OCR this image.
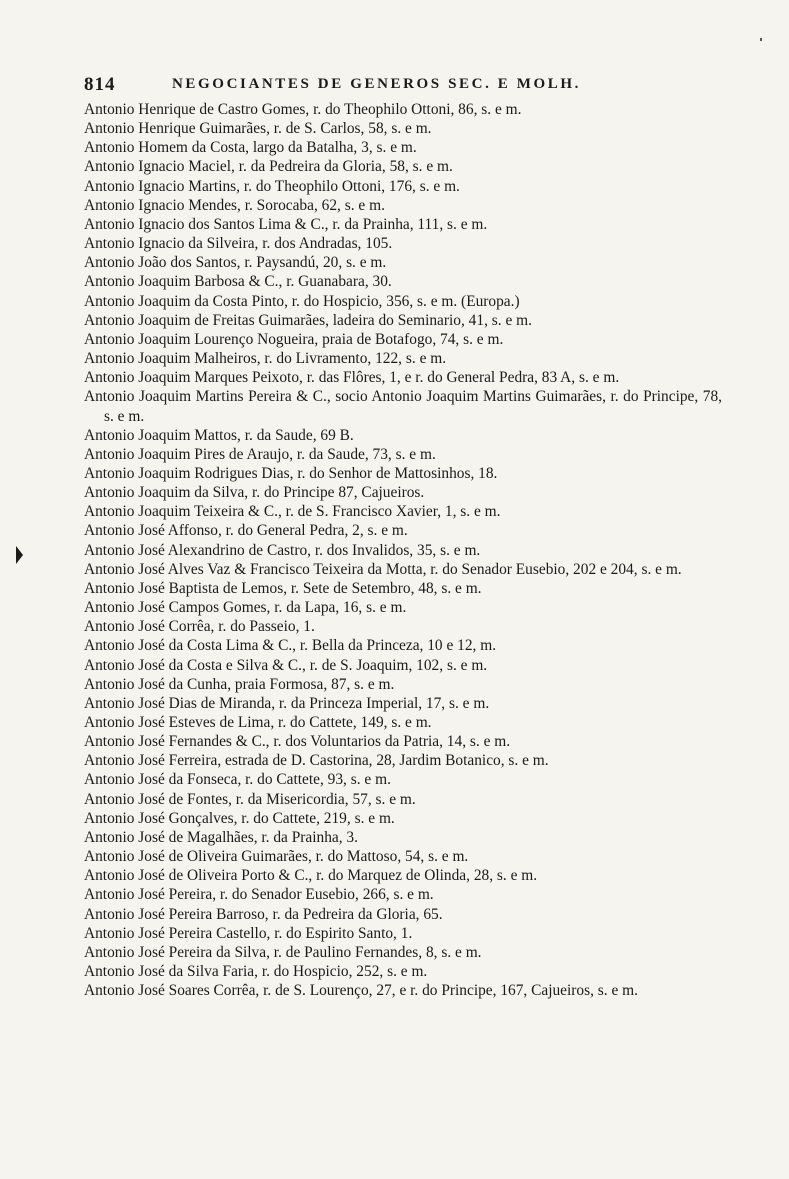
814	NEGOCIANTES DE GENEROS SEC. E MOLH.
Antonio Henrique de Castro Gomes, r. do Theophilo Ottoni, 86, s. e m.
Antonio Henrique Guimarães, r. de S. Carlos, 58, s. e m.
Antonio Homem da Costa, largo da Batalha, 3, s. e m.
Antonio Ignacio Maciel, r. da Pedreira da Gloria, 58, s. e m.
Antonio Ignacio Martins, r. do Theophilo Ottoni, 176, s. e m.
Antonio Ignacio Mendes, r. Sorocaba, 62, s. e m.
Antonio Ignacio dos Santos Lima & C., r. da Prainha, 111, s. e m.
Antonio Ignacio da Silveira, r. dos Andradas, 105.
Antonio João dos Santos, r. Paysandú, 20, s. e m.
Antonio Joaquim Barbosa & C., r. Guanabara, 30.
Antonio Joaquim da Costa Pinto, r. do Hospicio, 356, s. e m. (Europa.)
Antonio Joaquim de Freitas Guimarães, ladeira do Seminario, 41, s. e m.
Antonio Joaquim Lourenço Nogueira, praia de Botafogo, 74, s. e m.
Antonio Joaquim Malheiros, r. do Livramento, 122, s. e m.
Antonio Joaquim Marques Peixoto, r. das Flôres, 1, e r. do General Pedra, 83 A, s. e m.
Antonio Joaquim Martins Pereira & C., socio Antonio Joaquim Martins Guimarães, r. do Principe, 78, s. e m.
Antonio Joaquim Mattos, r. da Saude, 69 B.
Antonio Joaquim Pires de Araujo, r. da Saude, 73, s. e m.
Antonio Joaquim Rodrigues Dias, r. do Senhor de Mattosinhos, 18.
Antonio Joaquim da Silva, r. do Principe 87, Cajueiros.
Antonio Joaquim Teixeira & C., r. de S. Francisco Xavier, 1, s. e m.
Antonio José Affonso, r. do General Pedra, 2, s. e m.
Antonio José Alexandrino de Castro, r. dos Invalidos, 35, s. e m.
Antonio José Alves Vaz & Francisco Teixeira da Motta, r. do Senador Eusebio, 202 e 204, s. e m.
Antonio José Baptista de Lemos, r. Sete de Setembro, 48, s. e m.
Antonio José Campos Gomes, r. da Lapa, 16, s. e m.
Antonio José Corrêa, r. do Passeio, 1.
Antonio José da Costa Lima & C., r. Bella da Princeza, 10 e 12, m.
Antonio José da Costa e Silva & C., r. de S. Joaquim, 102, s. e m.
Antonio José da Cunha, praia Formosa, 87, s. e m.
Antonio José Dias de Miranda, r. da Princeza Imperial, 17, s. e m.
Antonio José Esteves de Lima, r. do Cattete, 149, s. e m.
Antonio José Fernandes & C., r. dos Voluntarios da Patria, 14, s. e m.
Antonio José Ferreira, estrada de D. Castorina, 28, Jardim Botanico, s. e m.
Antonio José da Fonseca, r. do Cattete, 93, s. e m.
Antonio José de Fontes, r. da Misericordia, 57, s. e m.
Antonio José Gonçalves, r. do Cattete, 219, s. e m.
Antonio José de Magalhães, r. da Prainha, 3.
Antonio José de Oliveira Guimarães, r. do Mattoso, 54, s. e m.
Antonio José de Oliveira Porto & C., r. do Marquez de Olinda, 28, s. e m.
Antonio José Pereira, r. do Senador Eusebio, 266, s. e m.
Antonio José Pereira Barroso, r. da Pedreira da Gloria, 65.
Antonio José Pereira Castello, r. do Espirito Santo, 1.
Antonio José Pereira da Silva, r. de Paulino Fernandes, 8, s. e m.
Antonio José da Silva Faria, r. do Hospicio, 252, s. e m.
Antonio José Soares Corrêa, r. de S. Lourenço, 27, e r. do Principe, 167, Cajueiros, s. e m.
